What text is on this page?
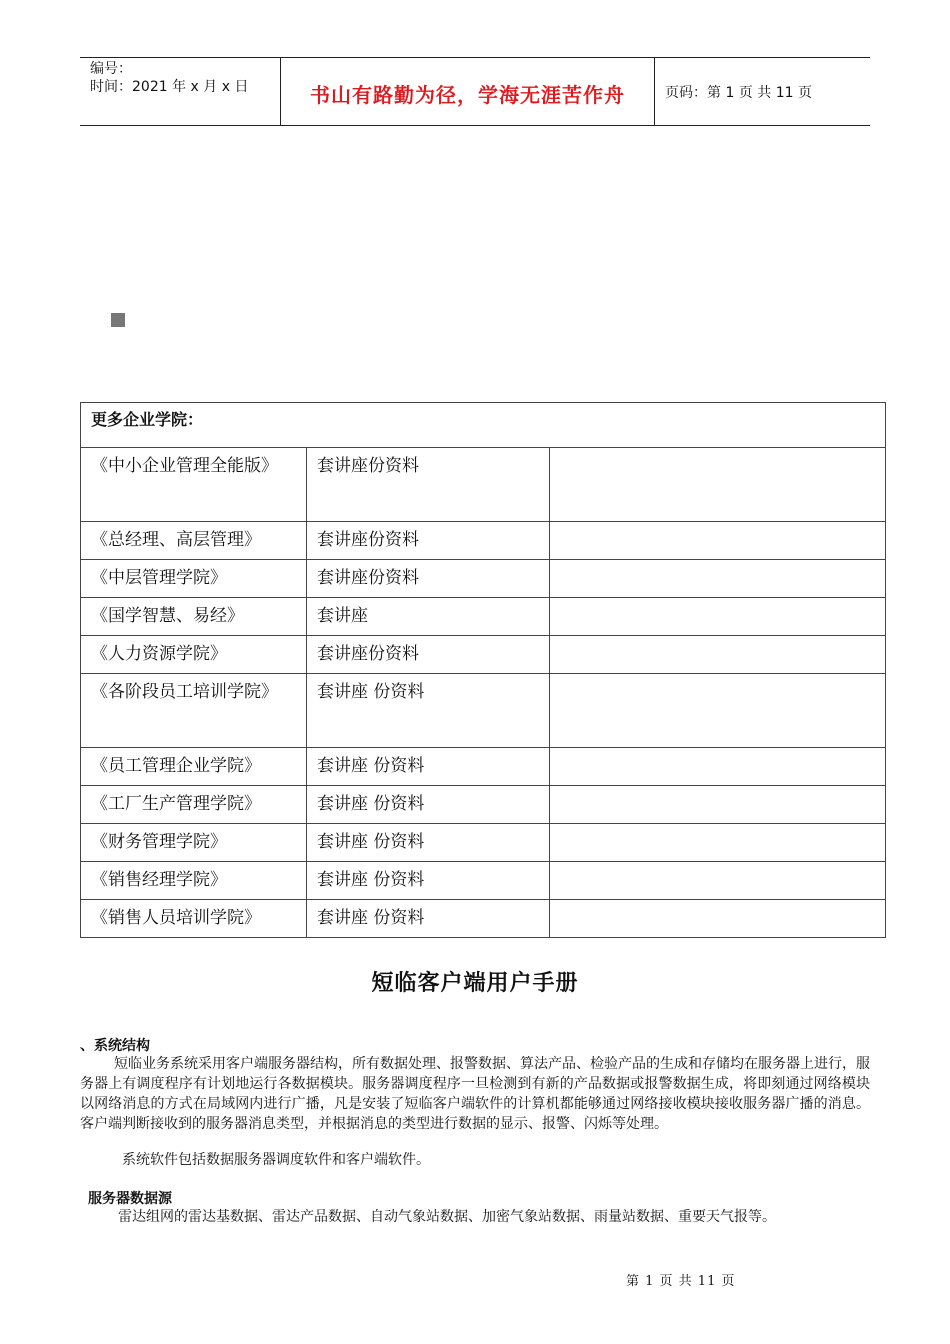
编号：
时间：2021 年 x 月 x 日	书山有路勤为径，学海无涯苦作舟	页码：第 1 页 共 11 页
更多企业学院：		
《中小企业管理全能版》	套讲座份资料	
《总经理、高层管理》	套讲座份资料	
《中层管理学院》	套讲座份资料	
《国学智慧、易经》	套讲座	
《人力资源学院》	套讲座份资料	
《各阶段员工培训学院》	套讲座 份资料	
《员工管理企业学院》	套讲座 份资料	
《工厂生产管理学院》	套讲座 份资料	
《财务管理学院》	套讲座 份资料	
《销售经理学院》	套讲座 份资料	
《销售人员培训学院》	套讲座 份资料	
短临客户端用户手册
、系统结构
短临业务系统采用客户端服务器结构，所有数据处理、报警数据、算法产品、检验产品的生成和存储均在服务器上进行，服务器上有调度程序有计划地运行各数据模块。服务器调度程序一旦检测到有新的产品数据或报警数据生成，将即刻通过网络模块以网络消息的方式在局域网内进行广播，凡是安装了短临客户端软件的计算机都能够通过网络接收模块接收服务器广播的消息。客户端判断接收到的服务器消息类型，并根据消息的类型进行数据的显示、报警、闪烁等处理。
系统软件包括数据服务器调度软件和客户端软件。
服务器数据源
雷达组网的雷达基数据、雷达产品数据、自动气象站数据、加密气象站数据、雨量站数据、重要天气报等。
第 1 页 共 11 页
